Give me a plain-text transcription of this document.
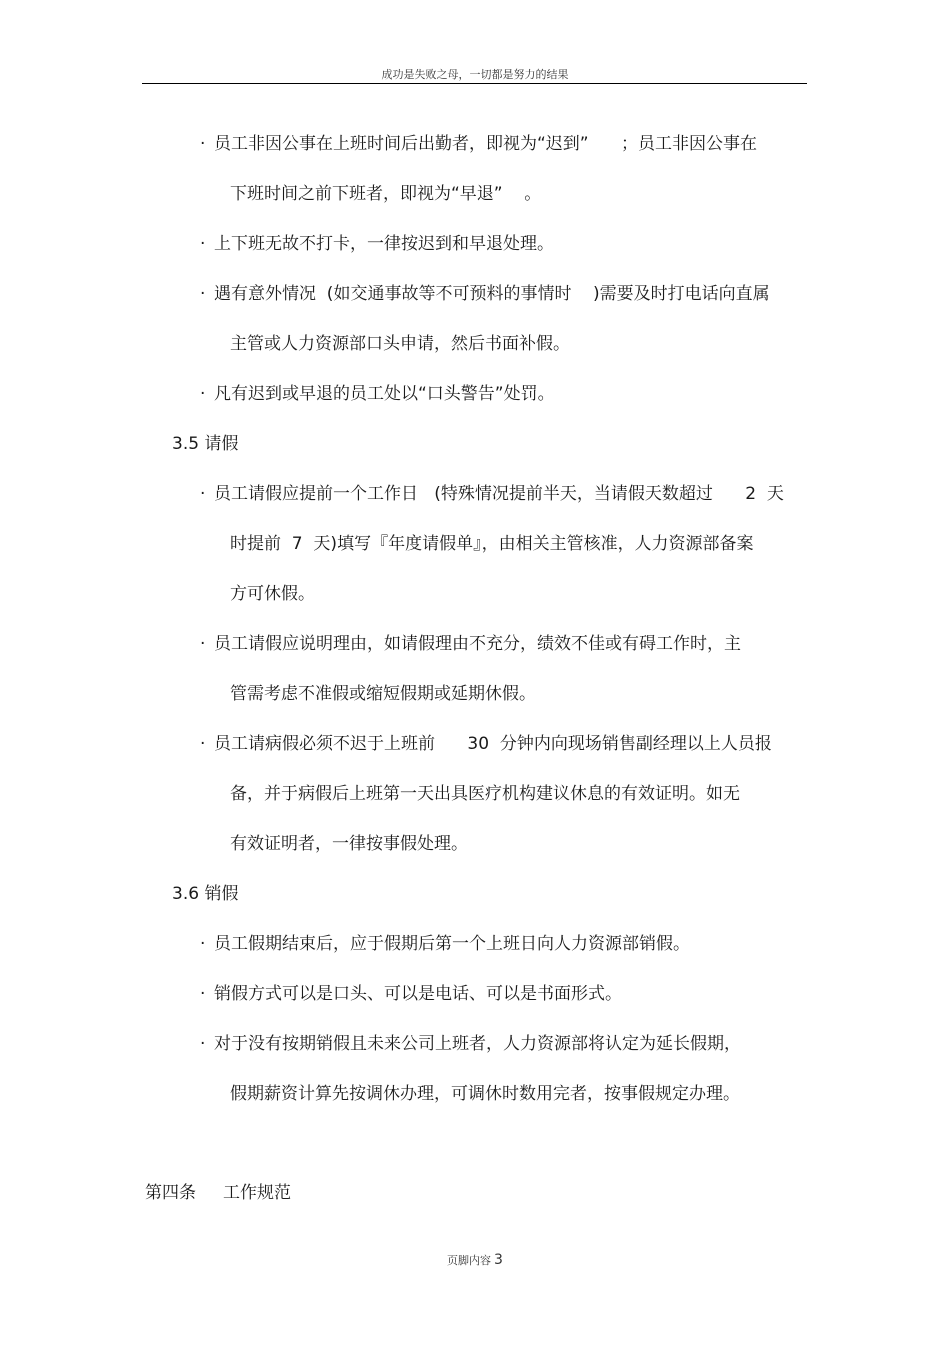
成功是失败之母，一切都是努力的结果
· 员工非因公事在上班时间后出勤者，即视为“迟到”      ；员工非因公事在
下班时间之前下班者，即视为“早退”    。
· 上下班无故不打卡，一律按迟到和早退处理。
· 遇有意外情况  (如交通事故等不可预料的事情时    )需要及时打电话向直属
主管或人力资源部口头申请，然后书面补假。
· 凡有迟到或早退的员工处以“口头警告”处罚。
3.5 请假
· 员工请假应提前一个工作日   (特殊情况提前半天，当请假天数超过      2  天
时提前  7  天)填写『年度请假单』，由相关主管核准，人力资源部备案
方可休假。
· 员工请假应说明理由，如请假理由不充分，绩效不佳或有碍工作时，主
管需考虑不准假或缩短假期或延期休假。
· 员工请病假必须不迟于上班前      30  分钟内向现场销售副经理以上人员报
备，并于病假后上班第一天出具医疗机构建议休息的有效证明。如无
有效证明者，一律按事假处理。
3.6 销假
· 员工假期结束后，应于假期后第一个上班日向人力资源部销假。
· 销假方式可以是口头、可以是电话、可以是书面形式。
· 对于没有按期销假且未来公司上班者，人力资源部将认定为延长假期，
假期薪资计算先按调休办理，可调休时数用完者，按事假规定办理。
第四条     工作规范
页脚内容 3
